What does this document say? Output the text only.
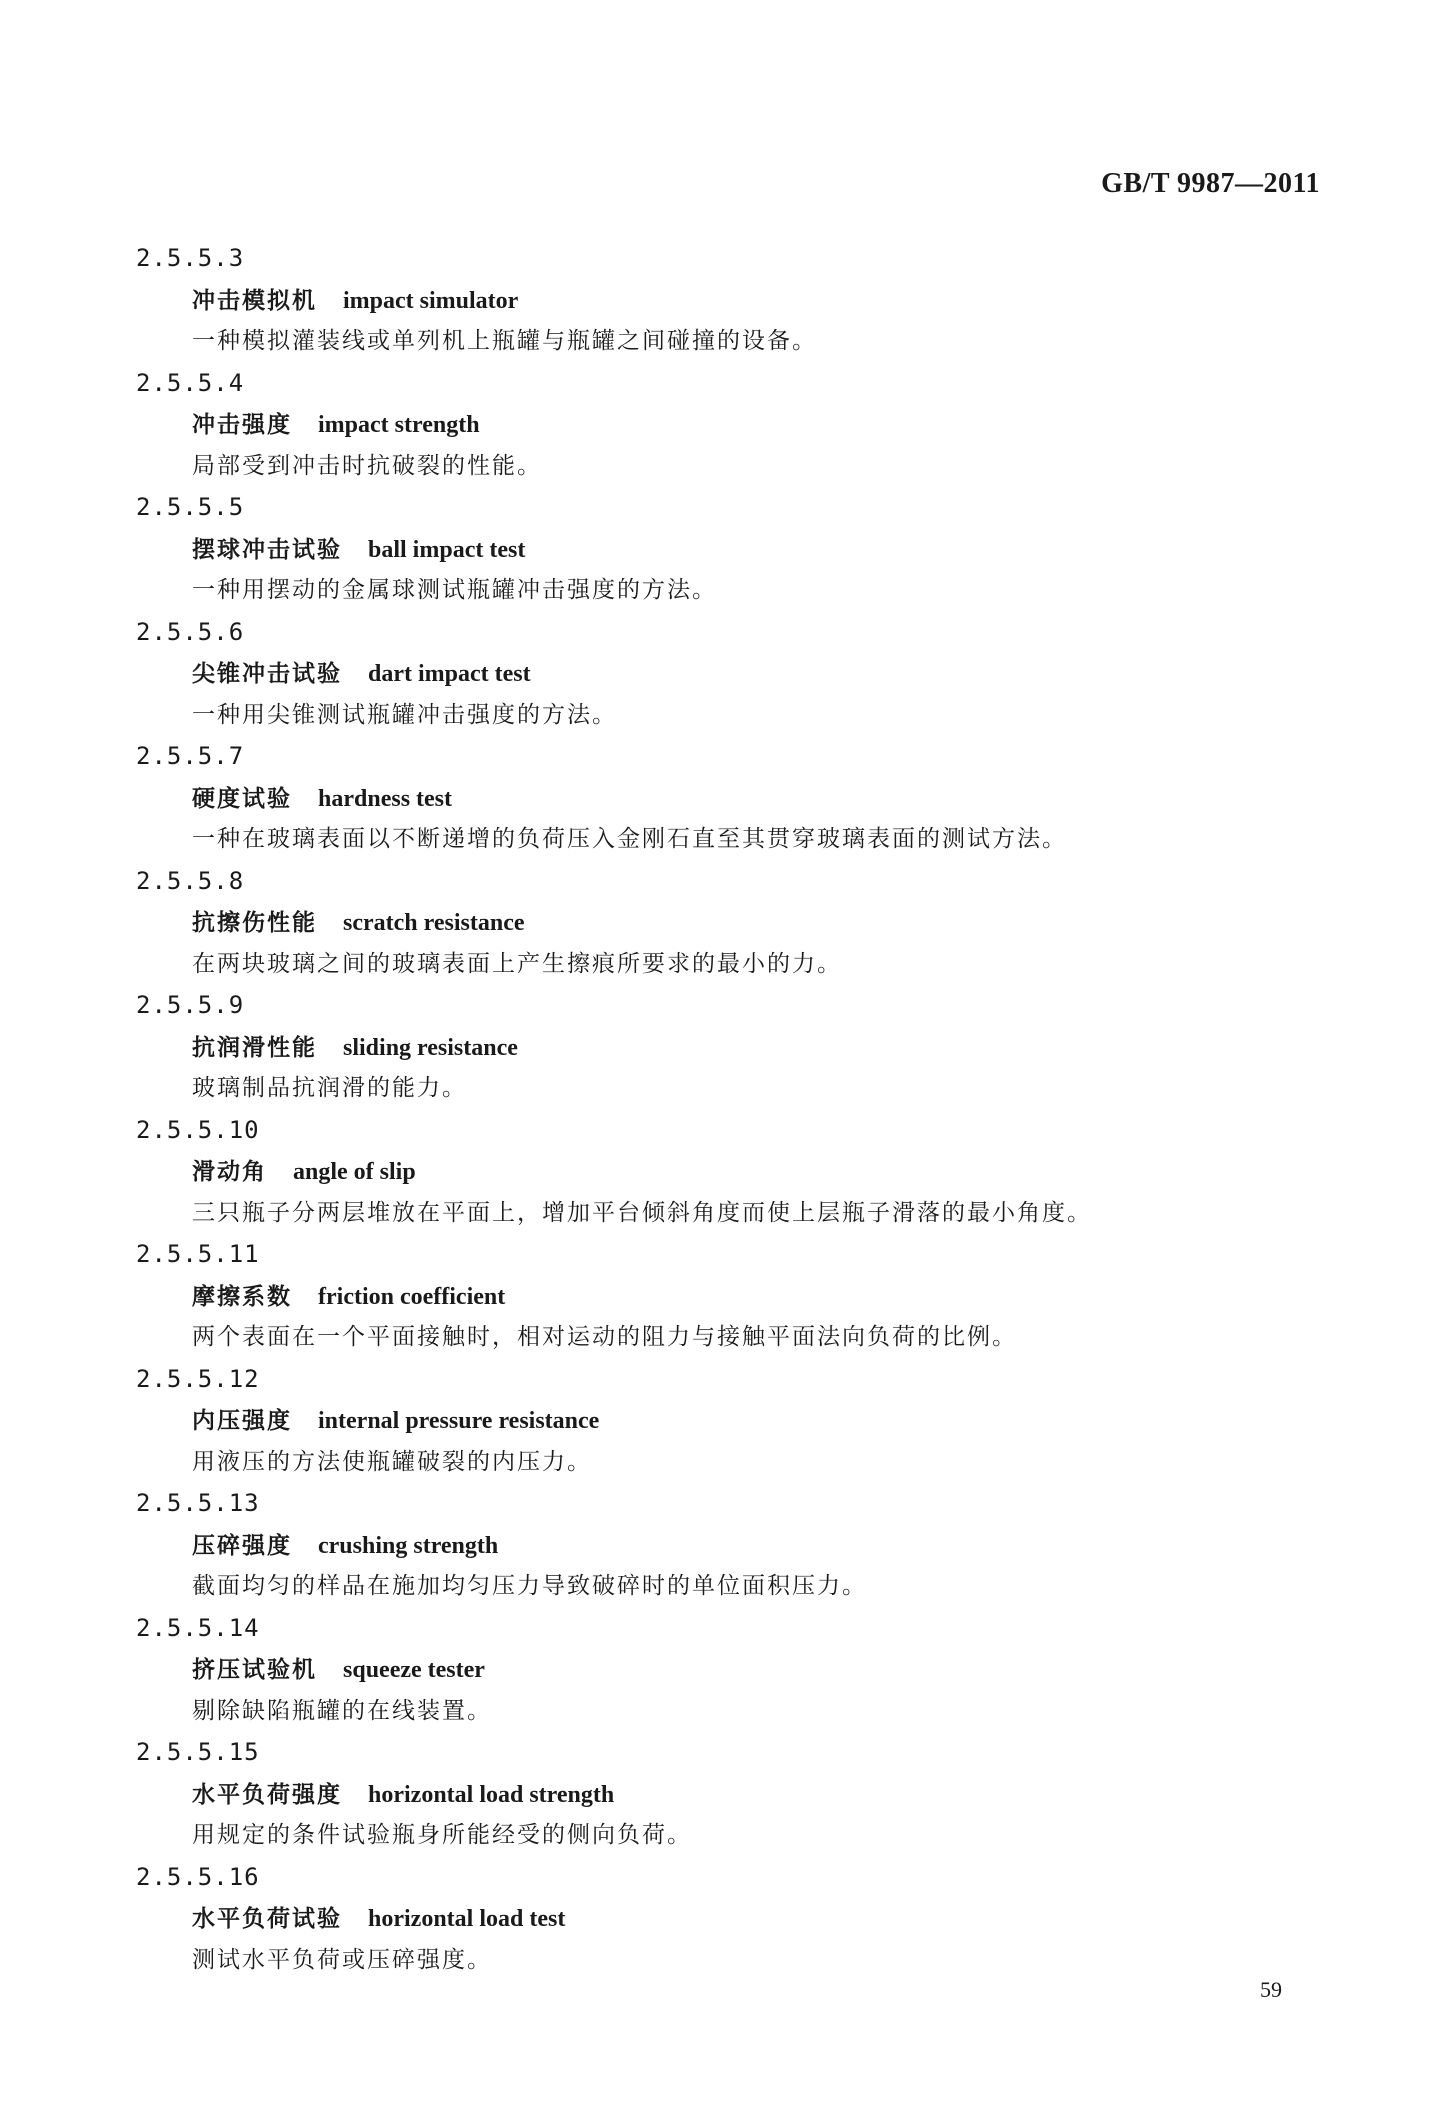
GB/T 9987—2011
2.5.5.3
冲击模拟机 impact simulator
一种模拟灌装线或单列机上瓶罐与瓶罐之间碰撞的设备。
2.5.5.4
冲击强度 impact strength
局部受到冲击时抗破裂的性能。
2.5.5.5
摆球冲击试验 ball impact test
一种用摆动的金属球测试瓶罐冲击强度的方法。
2.5.5.6
尖锥冲击试验 dart impact test
一种用尖锥测试瓶罐冲击强度的方法。
2.5.5.7
硬度试验 hardness test
一种在玻璃表面以不断递增的负荷压入金刚石直至其贯穿玻璃表面的测试方法。
2.5.5.8
抗擦伤性能 scratch resistance
在两块玻璃之间的玻璃表面上产生擦痕所要求的最小的力。
2.5.5.9
抗润滑性能 sliding resistance
玻璃制品抗润滑的能力。
2.5.5.10
滑动角 angle of slip
三只瓶子分两层堆放在平面上，增加平台倾斜角度而使上层瓶子滑落的最小角度。
2.5.5.11
摩擦系数 friction coefficient
两个表面在一个平面接触时，相对运动的阻力与接触平面法向负荷的比例。
2.5.5.12
内压强度 internal pressure resistance
用液压的方法使瓶罐破裂的内压力。
2.5.5.13
压碎强度 crushing strength
截面均匀的样品在施加均匀压力导致破碎时的单位面积压力。
2.5.5.14
挤压试验机 squeeze tester
剔除缺陷瓶罐的在线装置。
2.5.5.15
水平负荷强度 horizontal load strength
用规定的条件试验瓶身所能经受的侧向负荷。
2.5.5.16
水平负荷试验 horizontal load test
测试水平负荷或压碎强度。
59
